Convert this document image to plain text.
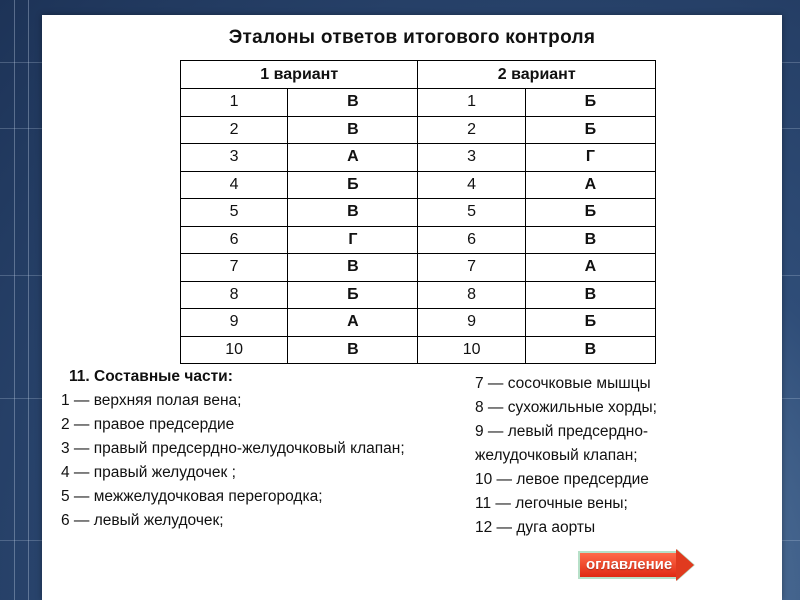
Эталоны ответов итогового контроля
1 вариант		2 вариант	
1	В	1	Б
2	В	2	Б
3	А	3	Г
4	Б	4	А
5	В	5	Б
6	Г	6	В
7	В	7	А
8	Б	8	В
9	А	9	Б
10	В	10	В
11. Составные части:
1 — верхняя полая вена;
2 — правое предсердие
3 — правый предсердно-желудочковый клапан;
4 — правый желудочек ;
5 — межжелудочковая перегородка;
6 — левый желудочек;
7 — сосочковые мышцы
8 — сухожильные хорды;
9 — левый предсердно-желудочковый клапан;
10 — левое предсердие
11 — легочные вены;
12 — дуга аорты
оглавление
